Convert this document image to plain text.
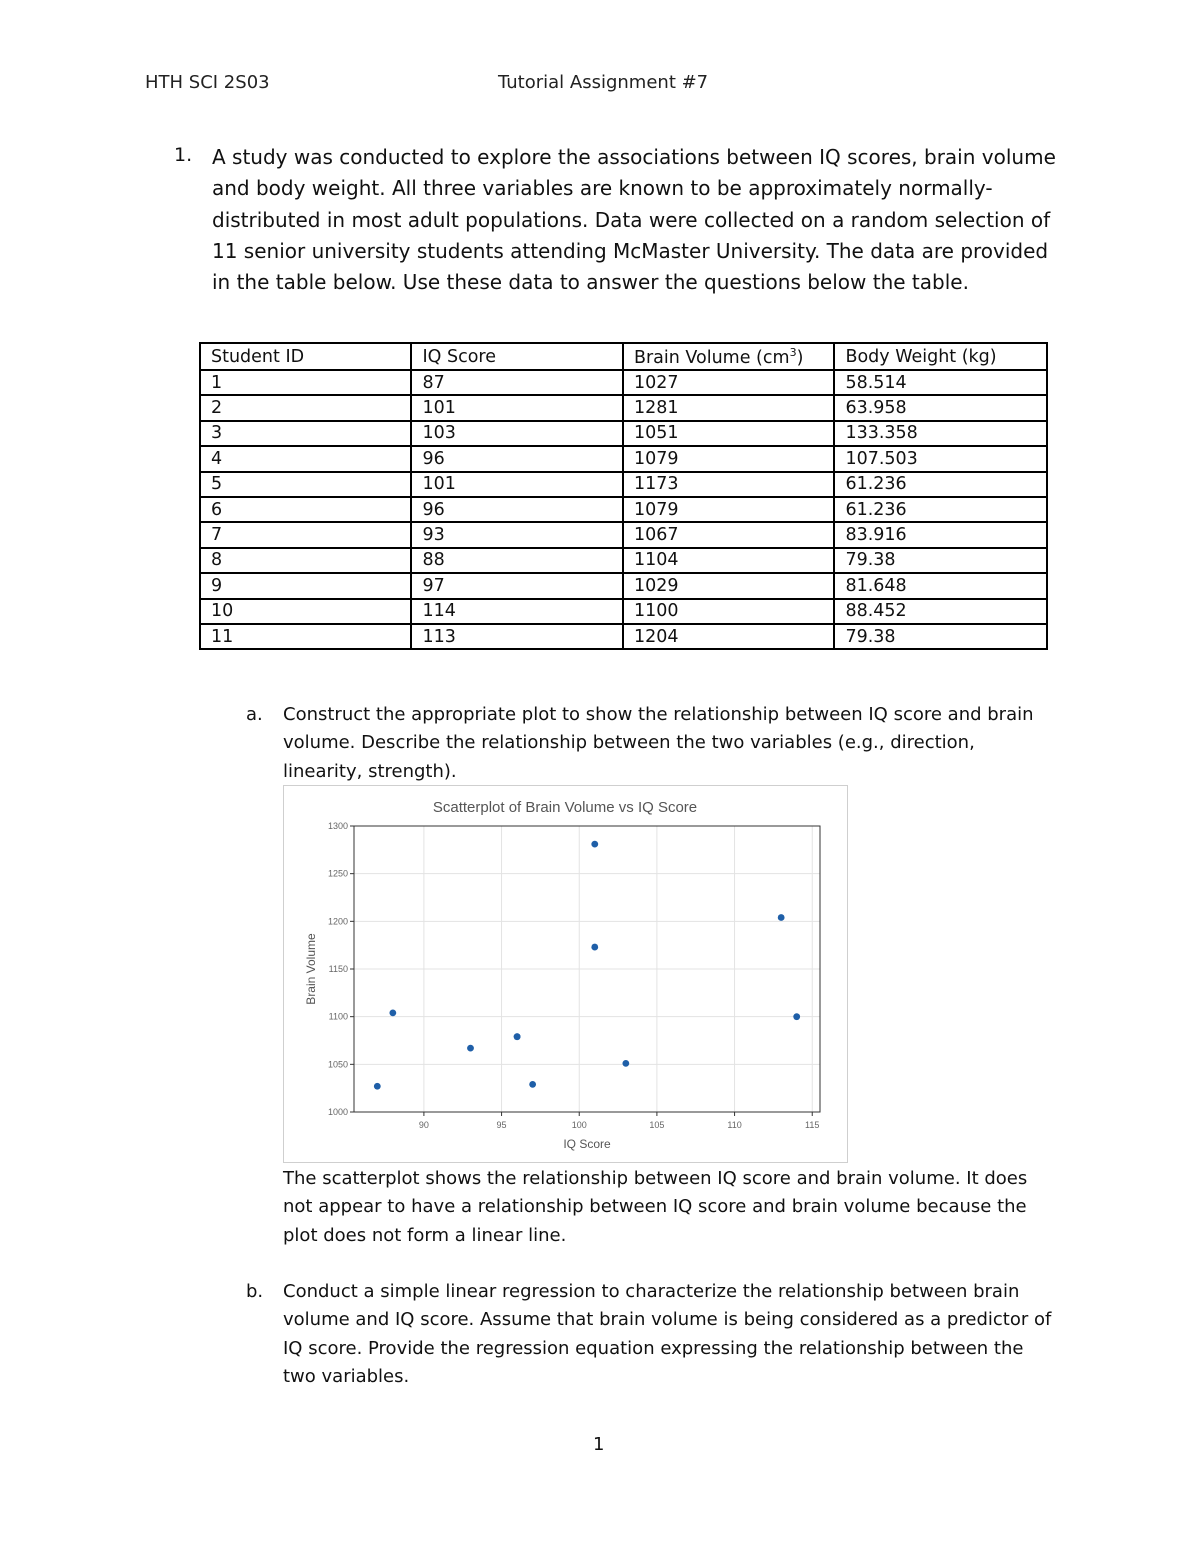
HTH SCI 2S03	Tutorial Assignment #7
1. A study was conducted to explore the associations between IQ scores, brain volume and body weight. All three variables are known to be approximately normally-distributed in most adult populations. Data were collected on a random selection of 11 senior university students attending McMaster University. The data are provided in the table below. Use these data to answer the questions below the table.
Student ID	IQ Score	Brain Volume $(cm^3)$	Body Weight (kg)
1	87	1027	58.514
2	101	1281	63.958
3	103	1051	133.358
4	96	1079	107.503
5	101	1173	61.236
6	96	1079	61.236
7	93	1067	83.916
8	88	1104	79.38
9	97	1029	81.648
10	114	1100	88.452
11	113	1204	79.38
a. Construct the appropriate plot to show the relationship between IQ score and brain volume. Describe the relationship between the two variables (e.g., direction, linearity, strength).
Scatterplot of Brain Volume vs IQ Score
90	95	100	105	110	115
1000
1050
1100
1150
1200
1250
1300
IQ Score
Brain Volume
The scatterplot shows the relationship between IQ score and brain volume. It does not appear to have a relationship between IQ score and brain volume because the plot does not form a linear line.
b. Conduct a simple linear regression to characterize the relationship between brain volume and IQ score. Assume that brain volume is being considered as a predictor of IQ score. Provide the regression equation expressing the relationship between the two variables.
1
